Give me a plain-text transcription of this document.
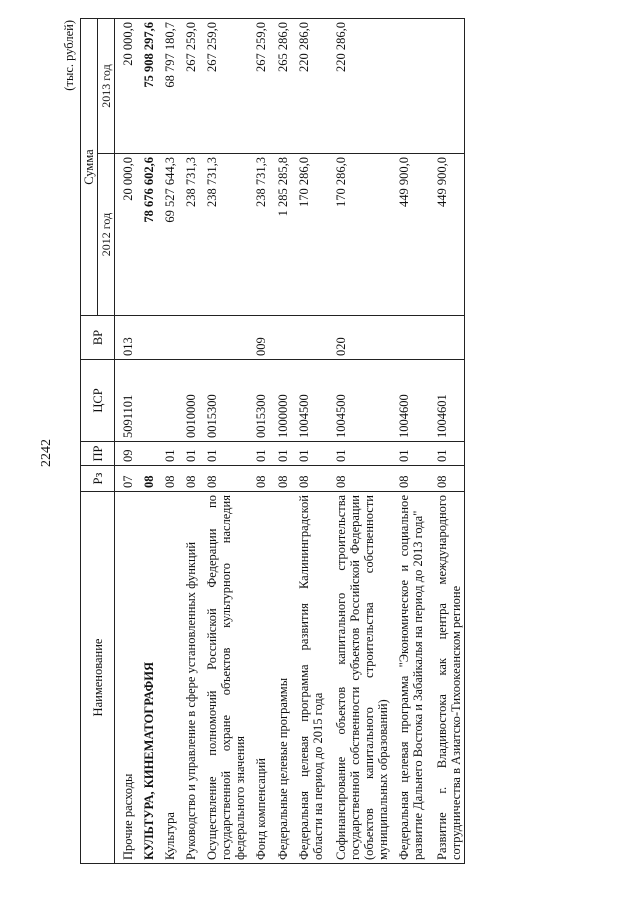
2242
(тыс. рублей)
Наименование	Рз	ПР	ЦСР	ВР	Сумма	
					2012 год	2013 год
Прочие расходы	07	09	5091101	013	20 000,0	20 000,0
КУЛЬТУРА, КИНЕМАТОГРАФИЯ	08				78 676 602,6	75 908 297,6
Культура	08	01			69 527 644,3	68 797 180,7
Руководство и управление в сфере установленных функций	08	01	0010000		238 731,3	267 259,0
Осуществление полномочий Российской Федерации по государственной охране объектов культурного наследия федерального значения	08	01	0015300		238 731,3	267 259,0
Фонд компенсаций	08	01	0015300	009	238 731,3	267 259,0
Федеральные целевые программы	08	01	1000000		1 285 285,8	265 286,0
Федеральная целевая программа развития Калининградской области на период до 2015 года	08	01	1004500		170 286,0	220 286,0
Софинансирование объектов капитального строительства государственной собственности субъектов Российской Федерации (объектов капитального строительства собственности муниципальных образований)	08	01	1004500	020	170 286,0	220 286,0
Федеральная целевая программа "Экономическое и социальное развитие Дальнего Востока и Забайкалья на период до 2013 года"	08	01	1004600		449 900,0	
Развитие г. Владивостока как центра международного сотрудничества в Азиатско-Тихоокеанском регионе	08	01	1004601		449 900,0	
